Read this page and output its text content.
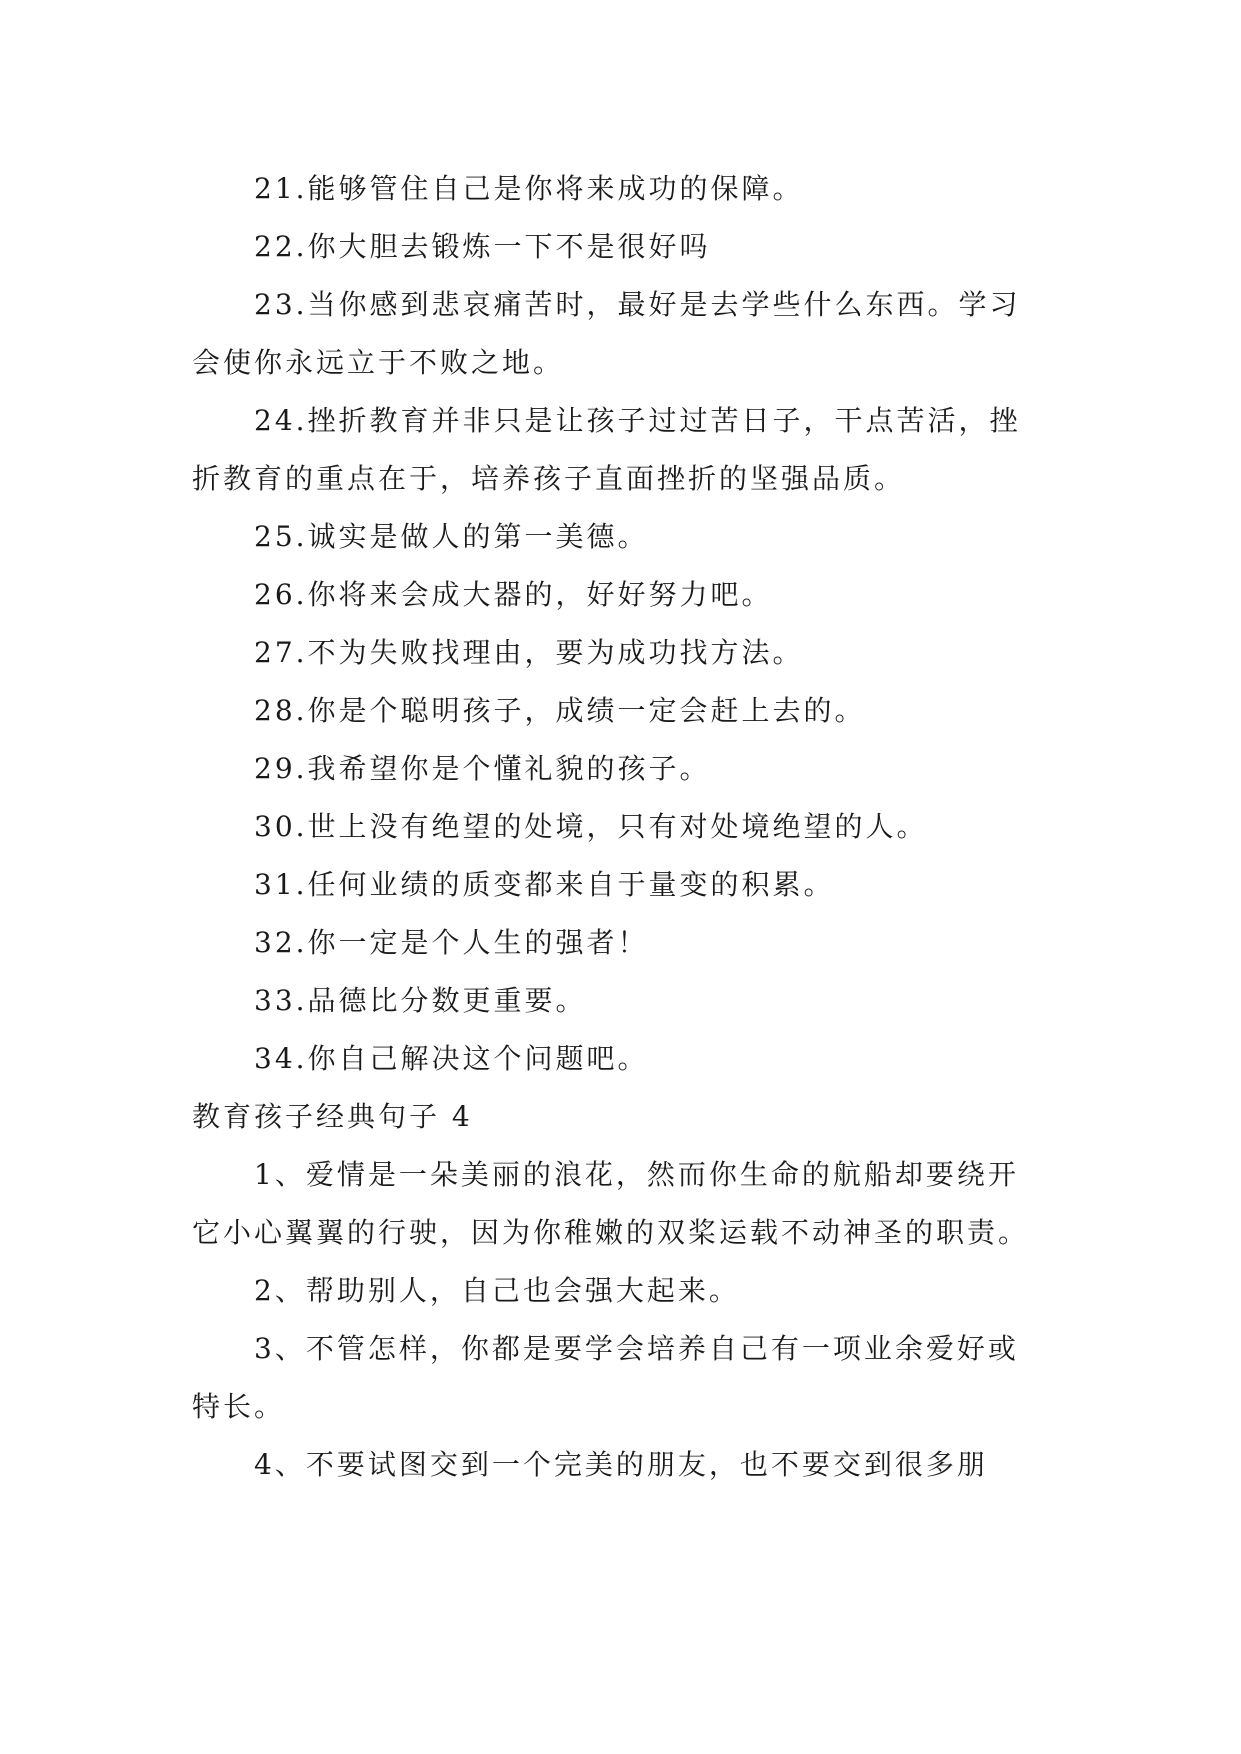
21.能够管住自己是你将来成功的保障。

22.你大胆去锻炼一下不是很好吗

23.当你感到悲哀痛苦时，最好是去学些什么东西。学习会使你永远立于不败之地。

24.挫折教育并非只是让孩子过过苦日子，干点苦活，挫折教育的重点在于，培养孩子直面挫折的坚强品质。

25.诚实是做人的第一美德。

26.你将来会成大器的，好好努力吧。

27.不为失败找理由，要为成功找方法。

28.你是个聪明孩子，成绩一定会赶上去的。

29.我希望你是个懂礼貌的孩子。

30.世上没有绝望的处境，只有对处境绝望的人。

31.任何业绩的质变都来自于量变的积累。

32.你一定是个人生的强者！

33.品德比分数更重要。

34.你自己解决这个问题吧。

教育孩子经典句子 4

1、爱情是一朵美丽的浪花，然而你生命的航船却要绕开它小心翼翼的行驶，因为你稚嫩的双桨运载不动神圣的职责。

2、帮助别人，自己也会强大起来。

3、不管怎样，你都是要学会培养自己有一项业余爱好或特长。

4、不要试图交到一个完美的朋友，也不要交到很多朋
